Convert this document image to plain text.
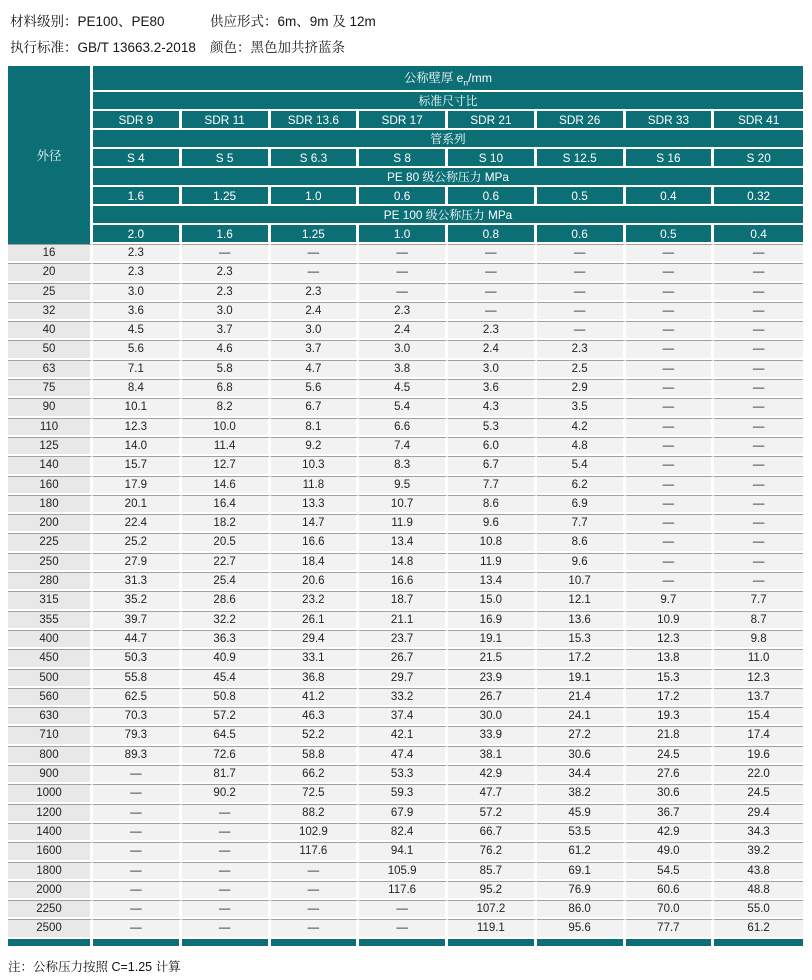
材料级别：PE100、PE80	供应形式：6m、9m 及 12m
执行标准：GB/T 13663.2-2018	颜色：黑色加共挤蓝条
外径	公称壁厚 $e_n/mm$							
	标准尺寸比							
	SDR 9	SDR 11	SDR 13.6	SDR 17	SDR 21	SDR 26	SDR 33	SDR 41
	管系列							
	S 4	S 5	S 6.3	S 8	S 10	S 12.5	S 16	S 20
	PE 80 级公称压力 MPa							
	1.6	1.25	1.0	0.6	0.6	0.5	0.4	0.32
	PE 100 级公称压力 MPa							
	2.0	1.6	1.25	1.0	0.8	0.6	0.5	0.4
16	2.3	—	—	—	—	—	—	—
20	2.3	2.3	—	—	—	—	—	—
25	3.0	2.3	2.3	—	—	—	—	—
32	3.6	3.0	2.4	2.3	—	—	—	—
40	4.5	3.7	3.0	2.4	2.3	—	—	—
50	5.6	4.6	3.7	3.0	2.4	2.3	—	—
63	7.1	5.8	4.7	3.8	3.0	2.5	—	—
75	8.4	6.8	5.6	4.5	3.6	2.9	—	—
90	10.1	8.2	6.7	5.4	4.3	3.5	—	—
110	12.3	10.0	8.1	6.6	5.3	4.2	—	—
125	14.0	11.4	9.2	7.4	6.0	4.8	—	—
140	15.7	12.7	10.3	8.3	6.7	5.4	—	—
160	17.9	14.6	11.8	9.5	7.7	6.2	—	—
180	20.1	16.4	13.3	10.7	8.6	6.9	—	—
200	22.4	18.2	14.7	11.9	9.6	7.7	—	—
225	25.2	20.5	16.6	13.4	10.8	8.6	—	—
250	27.9	22.7	18.4	14.8	11.9	9.6	—	—
280	31.3	25.4	20.6	16.6	13.4	10.7	—	—
315	35.2	28.6	23.2	18.7	15.0	12.1	9.7	7.7
355	39.7	32.2	26.1	21.1	16.9	13.6	10.9	8.7
400	44.7	36.3	29.4	23.7	19.1	15.3	12.3	9.8
450	50.3	40.9	33.1	26.7	21.5	17.2	13.8	11.0
500	55.8	45.4	36.8	29.7	23.9	19.1	15.3	12.3
560	62.5	50.8	41.2	33.2	26.7	21.4	17.2	13.7
630	70.3	57.2	46.3	37.4	30.0	24.1	19.3	15.4
710	79.3	64.5	52.2	42.1	33.9	27.2	21.8	17.4
800	89.3	72.6	58.8	47.4	38.1	30.6	24.5	19.6
900	—	81.7	66.2	53.3	42.9	34.4	27.6	22.0
1000	—	90.2	72.5	59.3	47.7	38.2	30.6	24.5
1200	—	—	88.2	67.9	57.2	45.9	36.7	29.4
1400	—	—	102.9	82.4	66.7	53.5	42.9	34.3
1600	—	—	117.6	94.1	76.2	61.2	49.0	39.2
1800	—	—	—	105.9	85.7	69.1	54.5	43.8
2000	—	—	—	117.6	95.2	76.9	60.6	48.8
2250	—	—	—	—	107.2	86.0	70.0	55.0
2500	—	—	—	—	119.1	95.6	77.7	61.2

注：公称压力按照 C=1.25 计算
